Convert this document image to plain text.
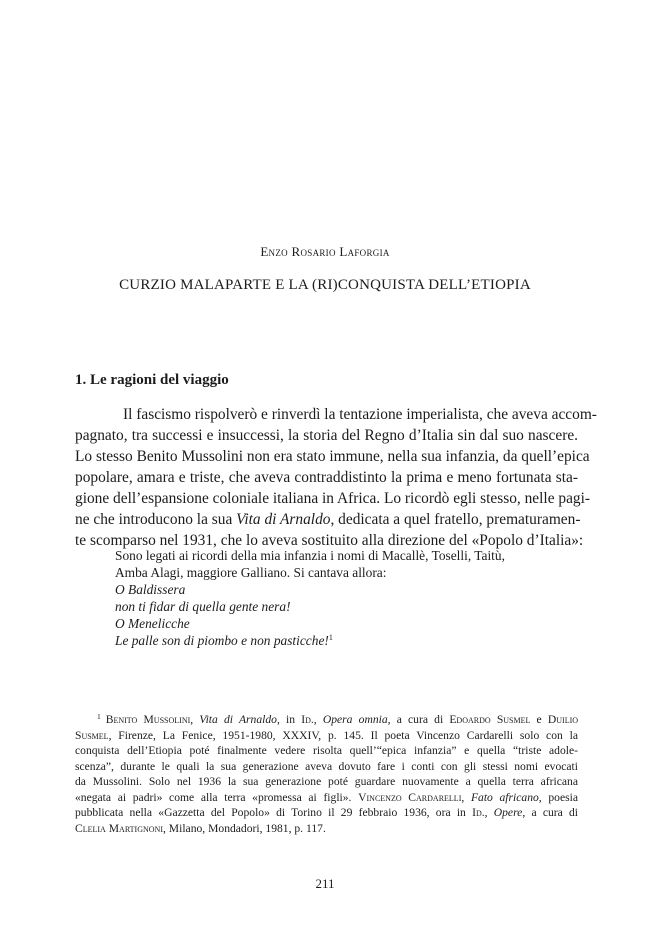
Enzo Rosario Laforgia
CURZIO MALAPARTE E LA (RI)CONQUISTA DELL’ETIOPIA
1. Le ragioni del viaggio
Il fascismo rispolverò e rinverdì la tentazione imperialista, che aveva accom-
pagnato, tra successi e insuccessi, la storia del Regno d’Italia sin dal suo nascere.
Lo stesso Benito Mussolini non era stato immune, nella sua infanzia, da quell’epica
popolare, amara e triste, che aveva contraddistinto la prima e meno fortunata sta-
gione dell’espansione coloniale italiana in Africa. Lo ricordò egli stesso, nelle pagi-
ne che introducono la sua Vita di Arnaldo, dedicata a quel fratello, prematuramen-
te scomparso nel 1931, che lo aveva sostituito alla direzione del «Popolo d’Italia»:
Sono legati ai ricordi della mia infanzia i nomi di Macallè, Toselli, Taitù,
Amba Alagi, maggiore Galliano. Si cantava allora:
O Baldissera
non ti fidar di quella gente nera!
O Menelicche
Le palle son di piombo e non pasticche!$^1$
$^1$ Benito Mussolini, Vita di Arnaldo, in Id., Opera omnia, a cura di Edoardo Susmel e Duilio
Susmel, Firenze, La Fenice, 1951-1980, XXXIV, p. 145. Il poeta Vincenzo Cardarelli solo con la
conquista dell’Etiopia poté finalmente vedere risolta quell’“epica infanzia” e quella “triste adole-
scenza”, durante le quali la sua generazione aveva dovuto fare i conti con gli stessi nomi evocati
da Mussolini. Solo nel 1936 la sua generazione poté guardare nuovamente a quella terra africana
«negata ai padri» come alla terra «promessa ai figli». Vincenzo Cardarelli, Fato africano, poesia
pubblicata nella «Gazzetta del Popolo» di Torino il 29 febbraio 1936, ora in Id., Opere, a cura di
Clelia Martignoni, Milano, Mondadori, 1981, p. 117.
211
